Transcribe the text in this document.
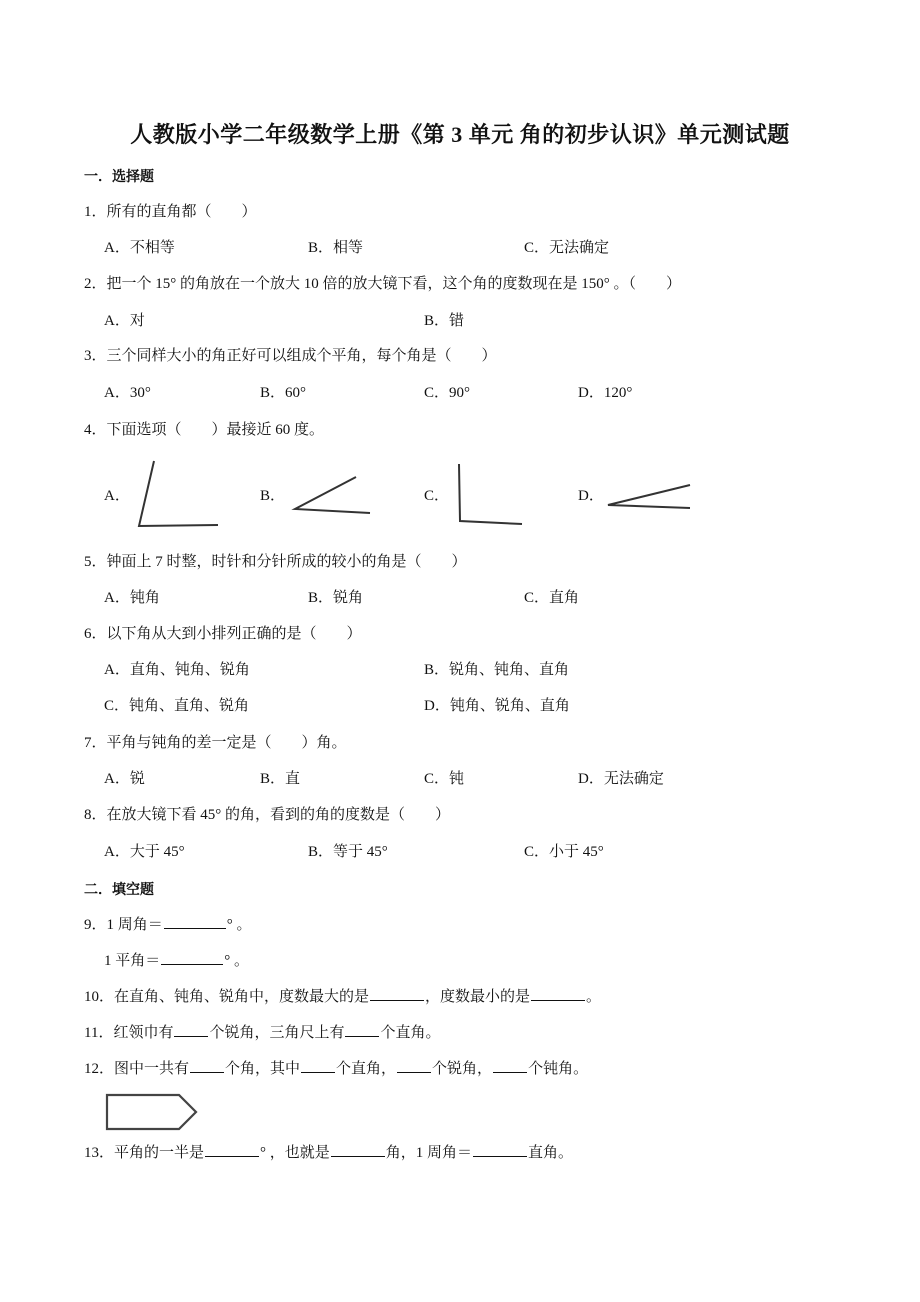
人教版小学二年级数学上册《第 3 单元 角的初步认识》单元测试题
一．选择题
1．所有的直角都（　　）
A．不相等	B．相等	C．无法确定
2．把一个 15° 的角放在一个放大 10 倍的放大镜下看，这个角的度数现在是 150° 。（　　）
A．对	B．错
3．三个同样大小的角正好可以组成个平角，每个角是（　　）
A．30°	B．60°	C．90°	D．120°
4．下面选项（　　）最接近 60 度。
A．	B．	C．	D．
5．钟面上 7 时整，时针和分针所成的较小的角是（　　）
A．钝角	B．锐角	C．直角
6．以下角从大到小排列正确的是（　　）
A．直角、钝角、锐角	B．锐角、钝角、直角
C．钝角、直角、锐角	D．钝角、锐角、直角
7．平角与钝角的差一定是（　　）角。
A．锐	B．直	C．钝	D．无法确定
8．在放大镜下看 45° 的角，看到的角的度数是（　　）
A．大于 45°	B．等于 45°	C．小于 45°
二．填空题
9．1 周角＝	° 。
1 平角＝	° 。
10．在直角、钝角、锐角中，度数最大的是	，度数最小的是	。
11．红领巾有 个锐角，三角尺上有 个直角。
12．图中一共有 个角，其中 个直角， 个锐角， 个钝角。
13．平角的一半是	° ，也就是	角，1 周角＝	直角。
